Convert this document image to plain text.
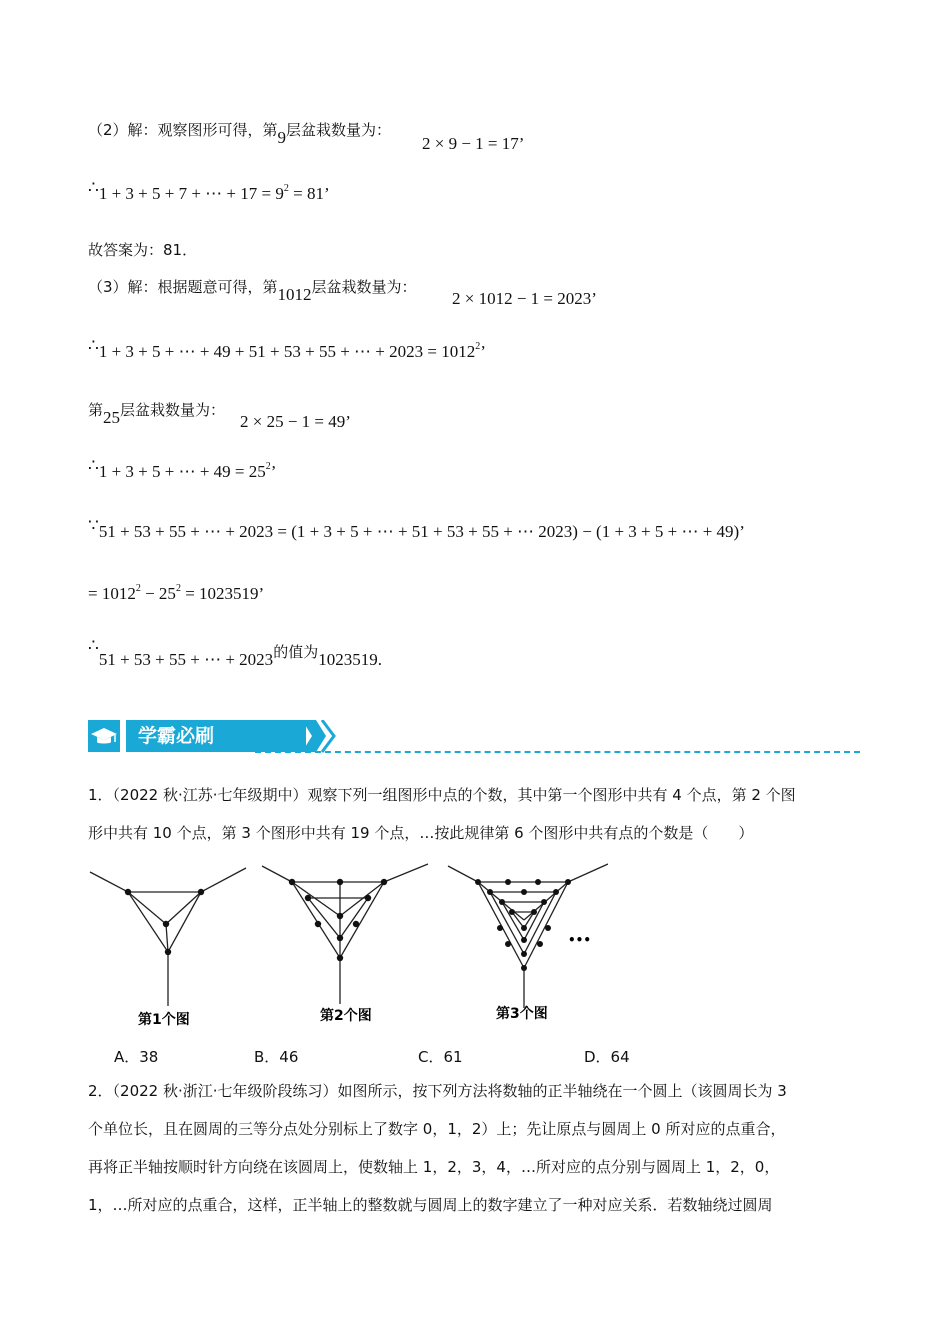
（2）解：观察图形可得，第9层盆栽数量为：
2 × 9 − 1 = 17’
∴1 + 3 + 5 + 7 + ⋯ + $17 = 9^2 = 81$’
故答案为：81．
（3）解：根据题意可得，第1012层盆栽数量为：
2 × 1012 − 1 = 2023’
∴1 + 3 + 5 + ⋯ + 49 + 51 + 53 + 55 + ⋯ + $2023 = 1012^2$’
第25层盆栽数量为：
2 × 25 − 1 = 49’
∴1 + 3 + 5 + ⋯ + $49 = 25^2$’
∵51 + 53 + 55 + ⋯ + 2023 = (1 + 3 + 5 + ⋯ + 51 + 53 + 55 + ⋯ 2023) − (1 + 3 + 5 + ⋯ + 49)’
= $1012^2 - 25^2 = 1023519$’
∴51 + 53 + 55 + ⋯ + 2023的值为1023519.
学霸必刷
1．（2022 秋·江苏·七年级期中）观察下列一组图形中点的个数，其中第一个图形中共有 4 个点，第 2 个图
形中共有 10 个点，第 3 个图形中共有 19 个点，…按此规律第 6 个图形中共有点的个数是（　　）
•••
第1个图	第2个图	第3个图
A．38	B．46	C．61	D．64
2．（2022 秋·浙江·七年级阶段练习）如图所示，按下列方法将数轴的正半轴绕在一个圆上（该圆周长为 3
个单位长，且在圆周的三等分点处分别标上了数字 0，1，2）上；先让原点与圆周上 0 所对应的点重合，
再将正半轴按顺时针方向绕在该圆周上，使数轴上 1，2，3，4，…所对应的点分别与圆周上 1，2，0，
1，…所对应的点重合，这样，正半轴上的整数就与圆周上的数字建立了一种对应关系．若数轴绕过圆周
